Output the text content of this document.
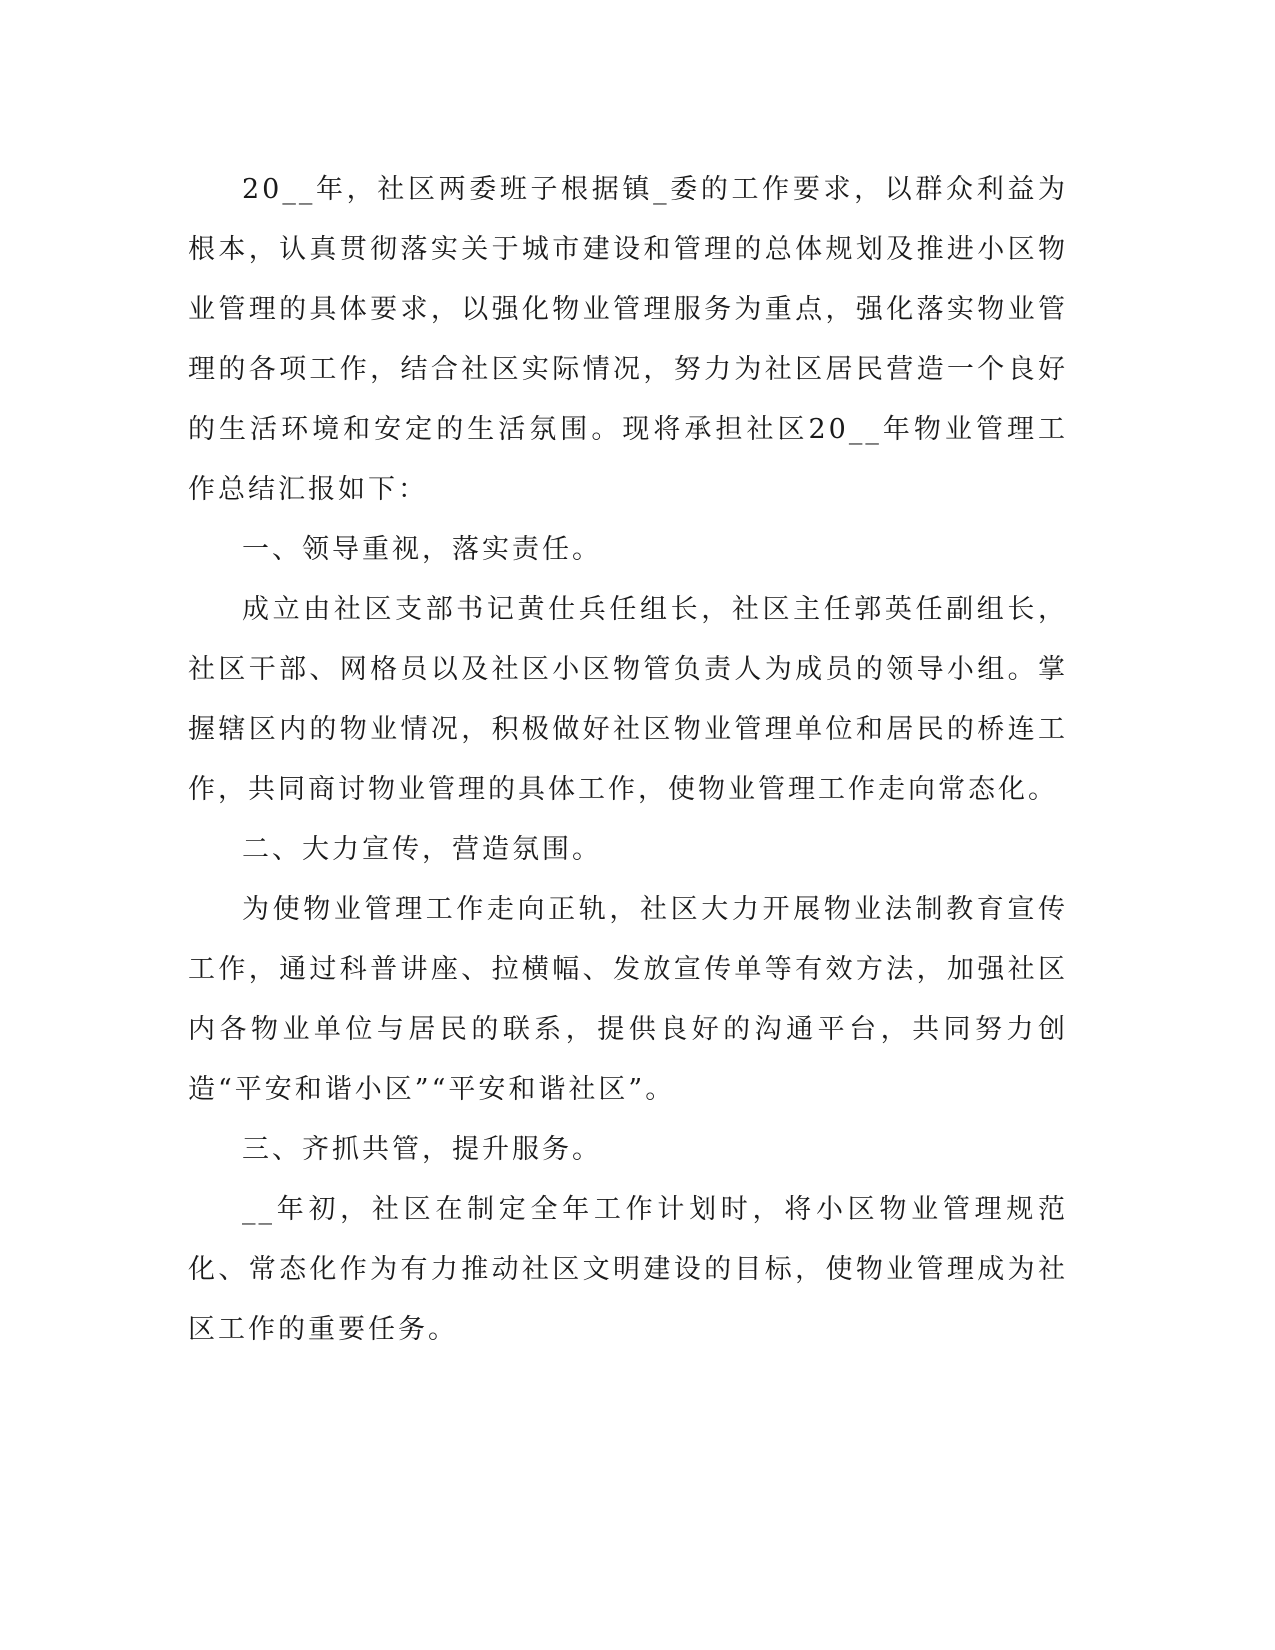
20__年，社区两委班子根据镇_委的工作要求，以群众利益为根本，认真贯彻落实关于城市建设和管理的总体规划及推进小区物业管理的具体要求，以强化物业管理服务为重点，强化落实物业管理的各项工作，结合社区实际情况，努力为社区居民营造一个良好的生活环境和安定的生活氛围。现将承担社区20__年物业管理工作总结汇报如下：

一、领导重视，落实责任。

成立由社区支部书记黄仕兵任组长，社区主任郭英任副组长，社区干部、网格员以及社区小区物管负责人为成员的领导小组。掌握辖区内的物业情况，积极做好社区物业管理单位和居民的桥连工作，共同商讨物业管理的具体工作，使物业管理工作走向常态化。

二、大力宣传，营造氛围。

为使物业管理工作走向正轨，社区大力开展物业法制教育宣传工作，通过科普讲座、拉横幅、发放宣传单等有效方法，加强社区内各物业单位与居民的联系，提供良好的沟通平台，共同努力创造“平安和谐小区”“平安和谐社区”。

三、齐抓共管，提升服务。

__年初，社区在制定全年工作计划时，将小区物业管理规范化、常态化作为有力推动社区文明建设的目标，使物业管理成为社区工作的重要任务。
